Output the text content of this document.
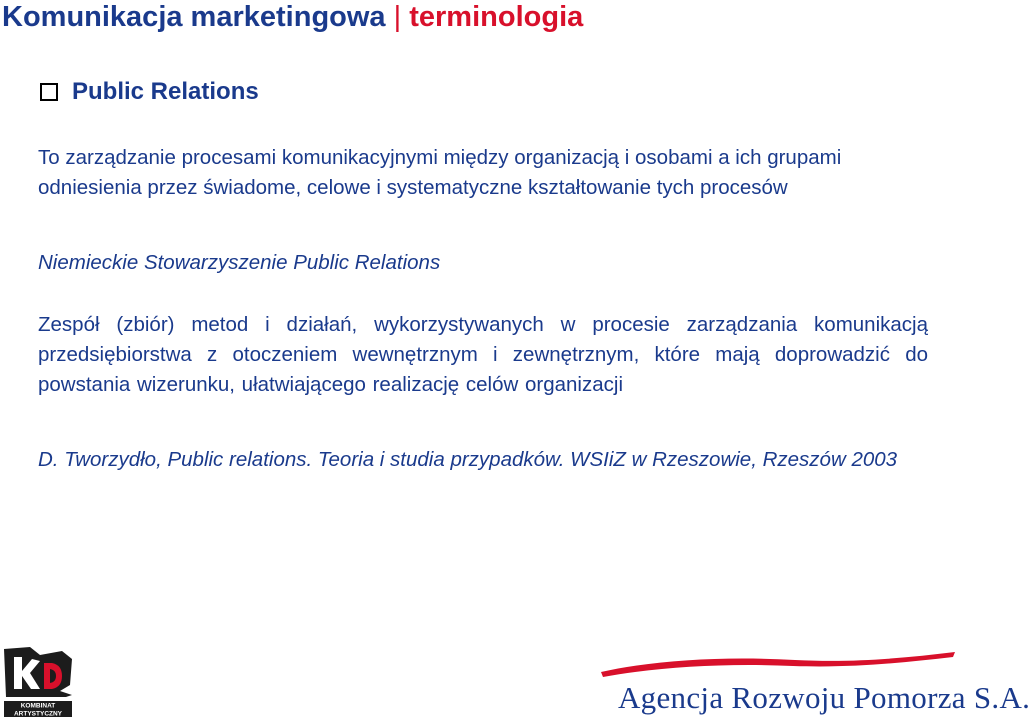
Komunikacja marketingowa | terminologia
Public Relations

To zarządzanie procesami komunikacyjnymi między organizacją i osobami a ich grupami odniesienia przez świadome, celowe i systematyczne kształtowanie tych procesów

Niemieckie Stowarzyszenie Public Relations

Zespół (zbiór) metod i działań, wykorzystywanych w procesie zarządzania komunikacją przedsiębiorstwa z otoczeniem wewnętrznym i zewnętrznym, które mają doprowadzić do powstania wizerunku, ułatwiającego realizację celów organizacji

D. Tworzydło, Public relations. Teoria i studia przypadków. WSIiZ w Rzeszowie, Rzeszów 2003

KOMBINAT
ARTYSTYCZNY	Agencja Rozwoju Pomorza S.A.
